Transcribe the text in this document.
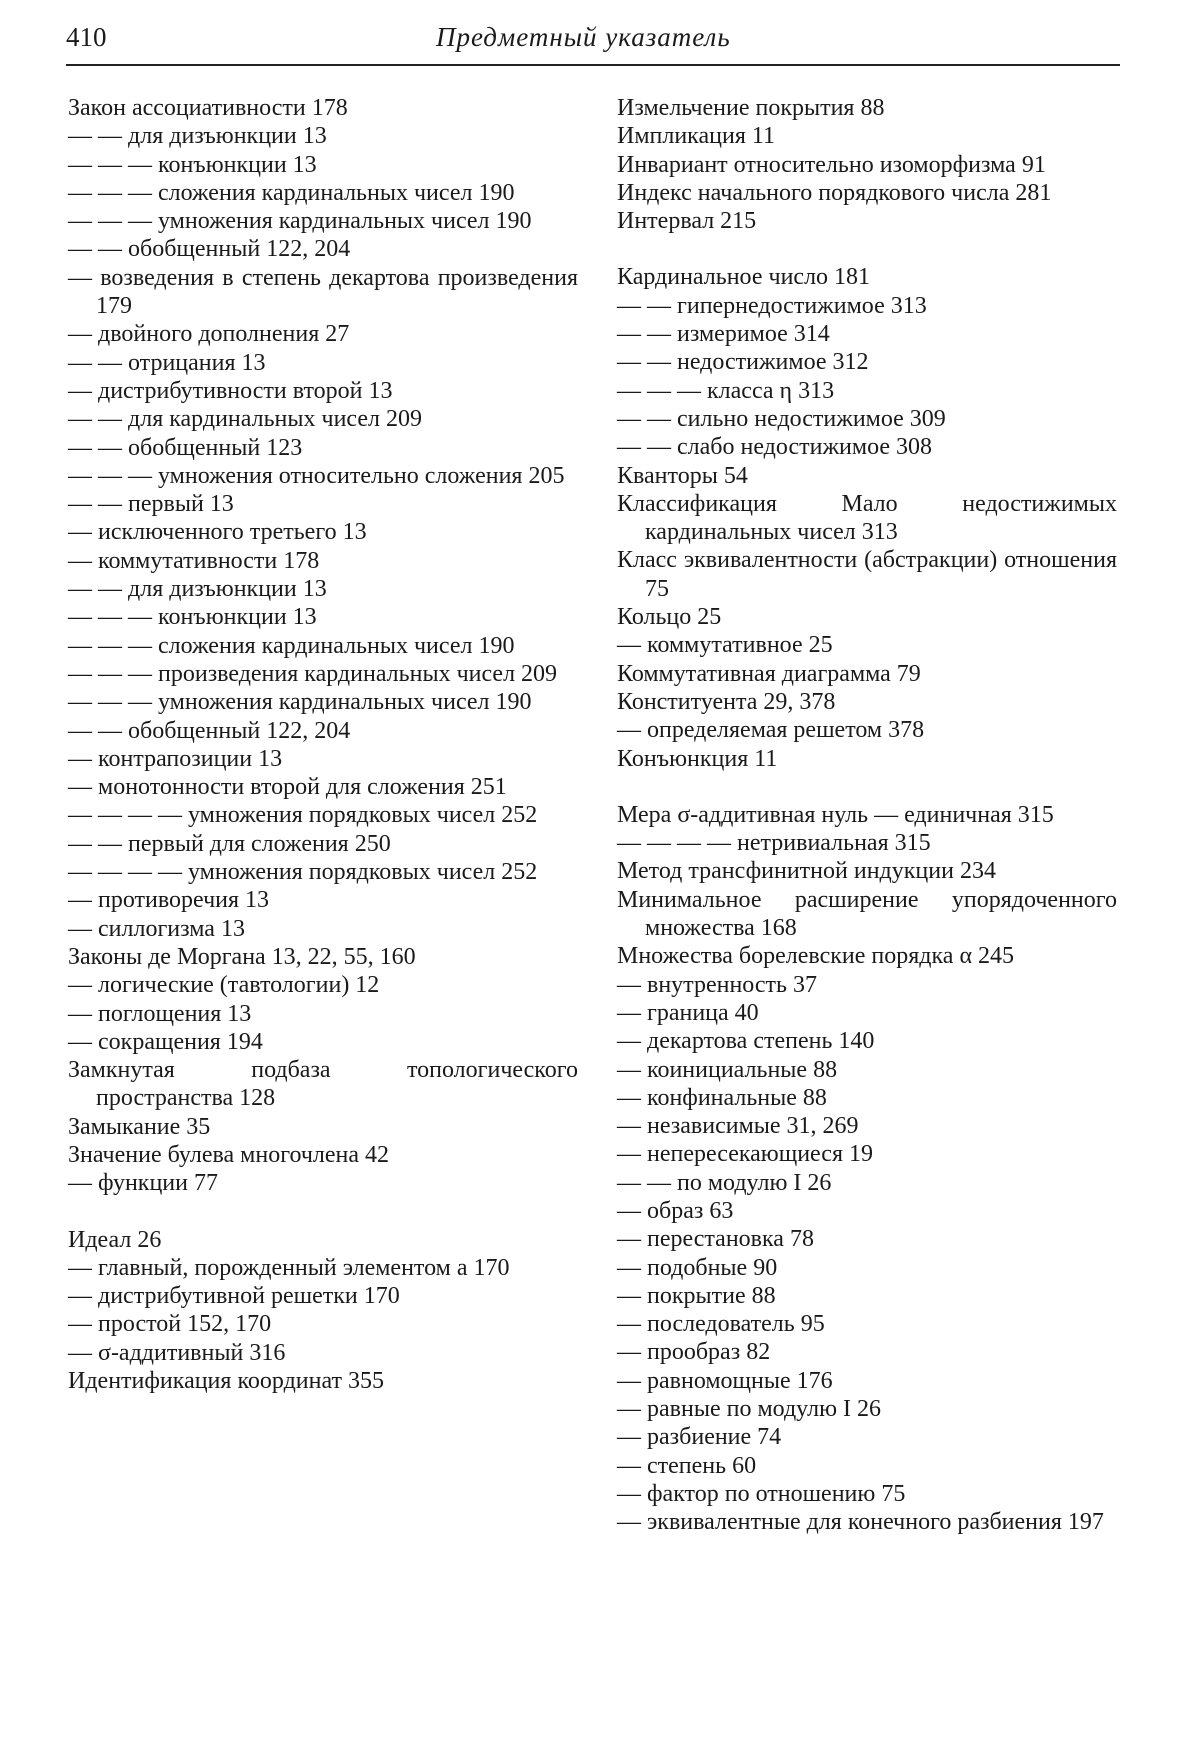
410	Предметный указатель

Закон ассоциативности 178

— — для дизъюнкции 13

— — — конъюнкции 13

— — — сложения кардинальных чисел 190

— — — умножения кардинальных чисел 190

— — обобщенный 122, 204

— возведения в степень декартова произведения 179

— двойного дополнения 27

— — отрицания 13

— дистрибутивности второй 13

— — для кардинальных чисел 209

— — обобщенный 123

— — — умножения относительно сложения 205

— — первый 13

— исключенного третьего 13

— коммутативности 178

— — для дизъюнкции 13

— — — конъюнкции 13

— — — сложения кардинальных чисел 190

— — — произведения кардинальных чисел 209

— — — умножения кардинальных чисел 190

— — обобщенный 122, 204

— контрапозиции 13

— монотонности второй для сложения 251

— — — — умножения порядковых чисел 252

— — первый для сложения 250

— — — — умножения порядковых чисел 252

— противоречия 13

— силлогизма 13

Законы де Моргана 13, 22, 55, 160

— логические (тавтологии) 12

— поглощения 13

— сокращения 194

Замкнутая подбаза топологического пространства 128

Замыкание 35

Значение булева многочлена 42

— функции 77

Идеал 26

— главный, порожденный элементом a 170

— дистрибутивной решетки 170

— простой 152, 170

— σ-аддитивный 316

Идентификация координат 355

Измельчение покрытия 88

Импликация 11

Инвариант относительно изоморфизма 91

Индекс начального порядкового числа 281

Интервал 215

Кардинальное число 181

— — гипернедостижимое 313

— — измеримое 314

— — недостижимое 312

— — — класса η 313

— — сильно недостижимое 309

— — слабо недостижимое 308

Кванторы 54

Классификация Мало недостижимых кардинальных чисел 313

Класс эквивалентности (абстракции) отношения 75

Кольцо 25

— коммутативное 25

Коммутативная диаграмма 79

Конституента 29, 378

— определяемая решетом 378

Конъюнкция 11

Мера σ-аддитивная нуль — единичная 315

— — — — нетривиальная 315

Метод трансфинитной индукции 234

Минимальное расширение упорядоченного множества 168

Множества борелевские порядка α 245

— внутренность 37

— граница 40

— декартова степень 140

— коинициальные 88

— конфинальные 88

— независимые 31, 269

— непересекающиеся 19

— — по модулю I 26

— образ 63

— перестановка 78

— подобные 90

— покрытие 88

— последователь 95

— прообраз 82

— равномощные 176

— равные по модулю I 26

— разбиение 74

— степень 60

— фактор по отношению 75

— эквивалентные для конечного разбиения 197
